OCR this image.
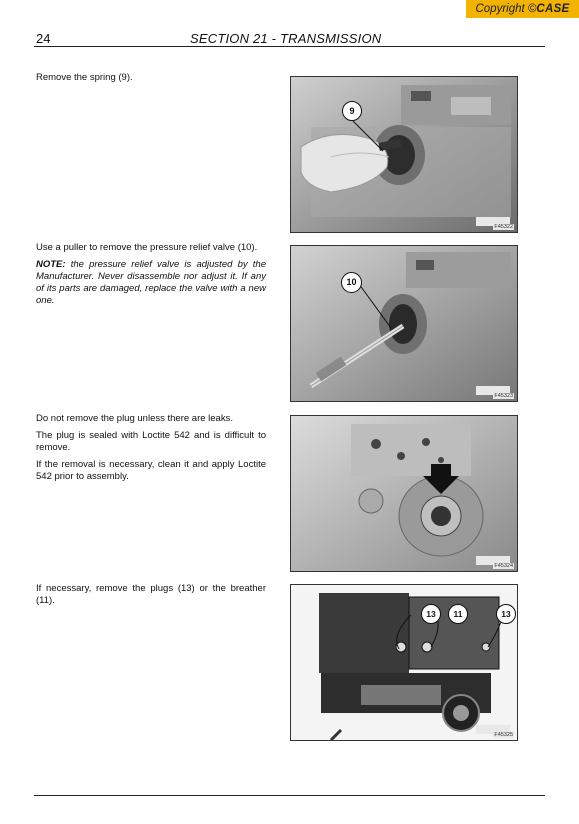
Copyright ©CASE
24	SECTION 21 - TRANSMISSION

Remove the spring (9).

9
F45322

Use a puller to remove the pressure relief valve (10).

NOTE: the pressure relief valve is adjusted by the Manufacturer. Never disassemble nor adjust it. If any of its parts are damaged, replace the valve with a new one.

10
F45323

Do not remove the plug unless there are leaks.

The plug is sealed with Loctite 542 and is difficult to remove.

If the removal is necessary, clean it and apply Loctite 542 prior to assembly.

F45324

If necessary, remove the plugs (13) or the breather (11).

13	11	13
F45325
